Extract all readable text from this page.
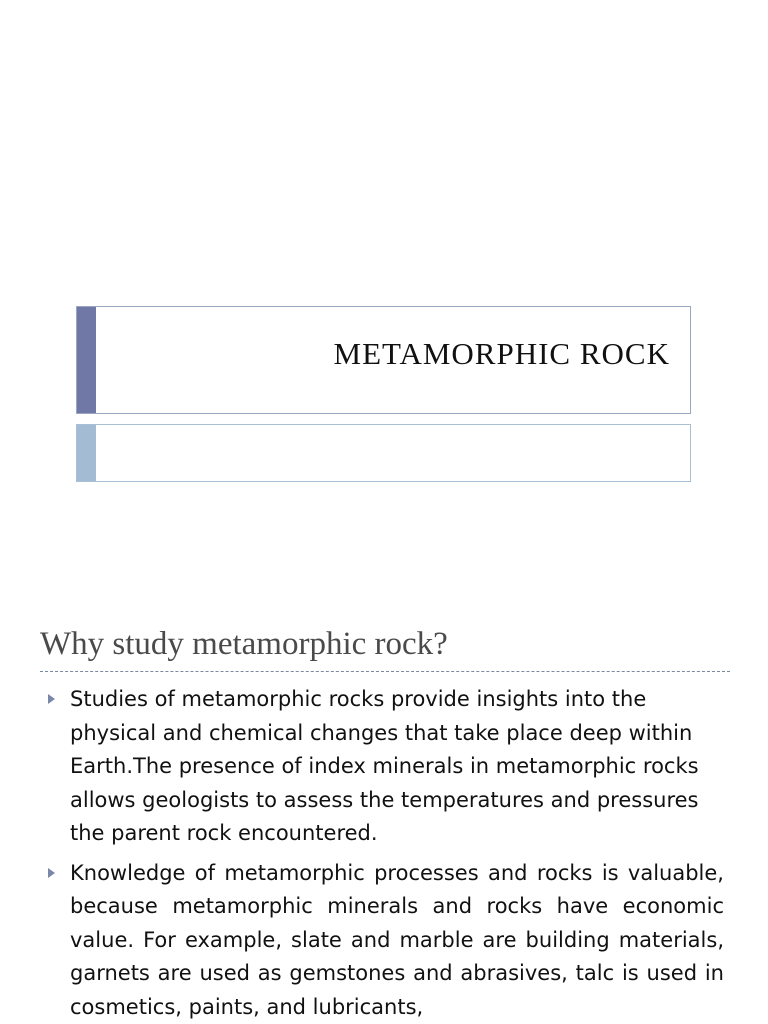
METAMORPHIC ROCK
Why study metamorphic rock?
Studies of metamorphic rocks provide insights into the physical and chemical changes that take place deep within Earth.The presence of index minerals in metamorphic rocks allows geologists to assess the temperatures and pressures the parent rock encountered.
Knowledge of metamorphic processes and rocks is valuable, because metamorphic minerals and rocks have economic value. For example, slate and marble are building materials, garnets are used as gemstones and abrasives, talc is used in cosmetics, paints, and lubricants,
